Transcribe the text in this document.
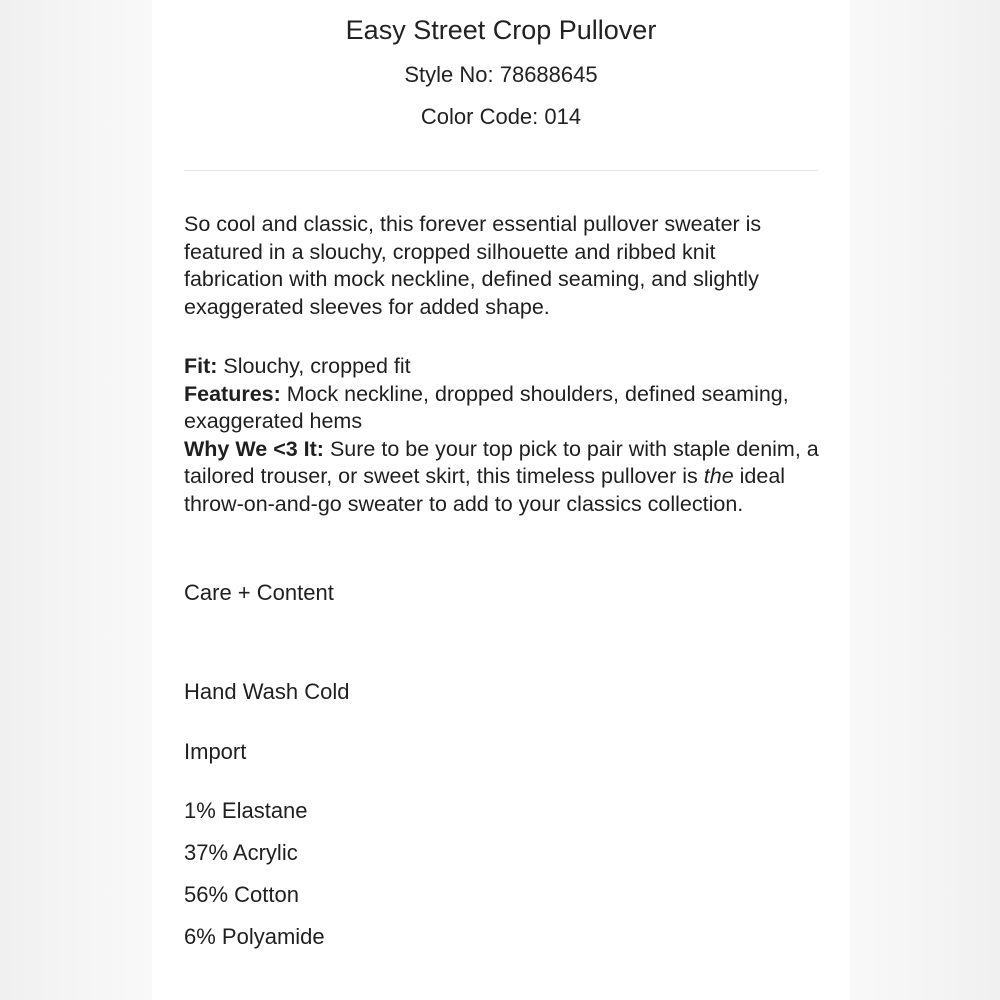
Easy Street Crop Pullover
Style No: 78688645
Color Code: 014

So cool and classic, this forever essential pullover sweater is featured in a slouchy, cropped silhouette and ribbed knit fabrication with mock neckline, defined seaming, and slightly exaggerated sleeves for added shape.

Fit: Slouchy, cropped fit

Features: Mock neckline, dropped shoulders, defined seaming, exaggerated hems

Why We <3 It: Sure to be your top pick to pair with staple denim, a tailored trouser, or sweet skirt, this timeless pullover is the ideal throw-on-and-go sweater to add to your classics collection.

Care + Content
Hand Wash Cold
Import
1% Elastane
37% Acrylic
56% Cotton
6% Polyamide
